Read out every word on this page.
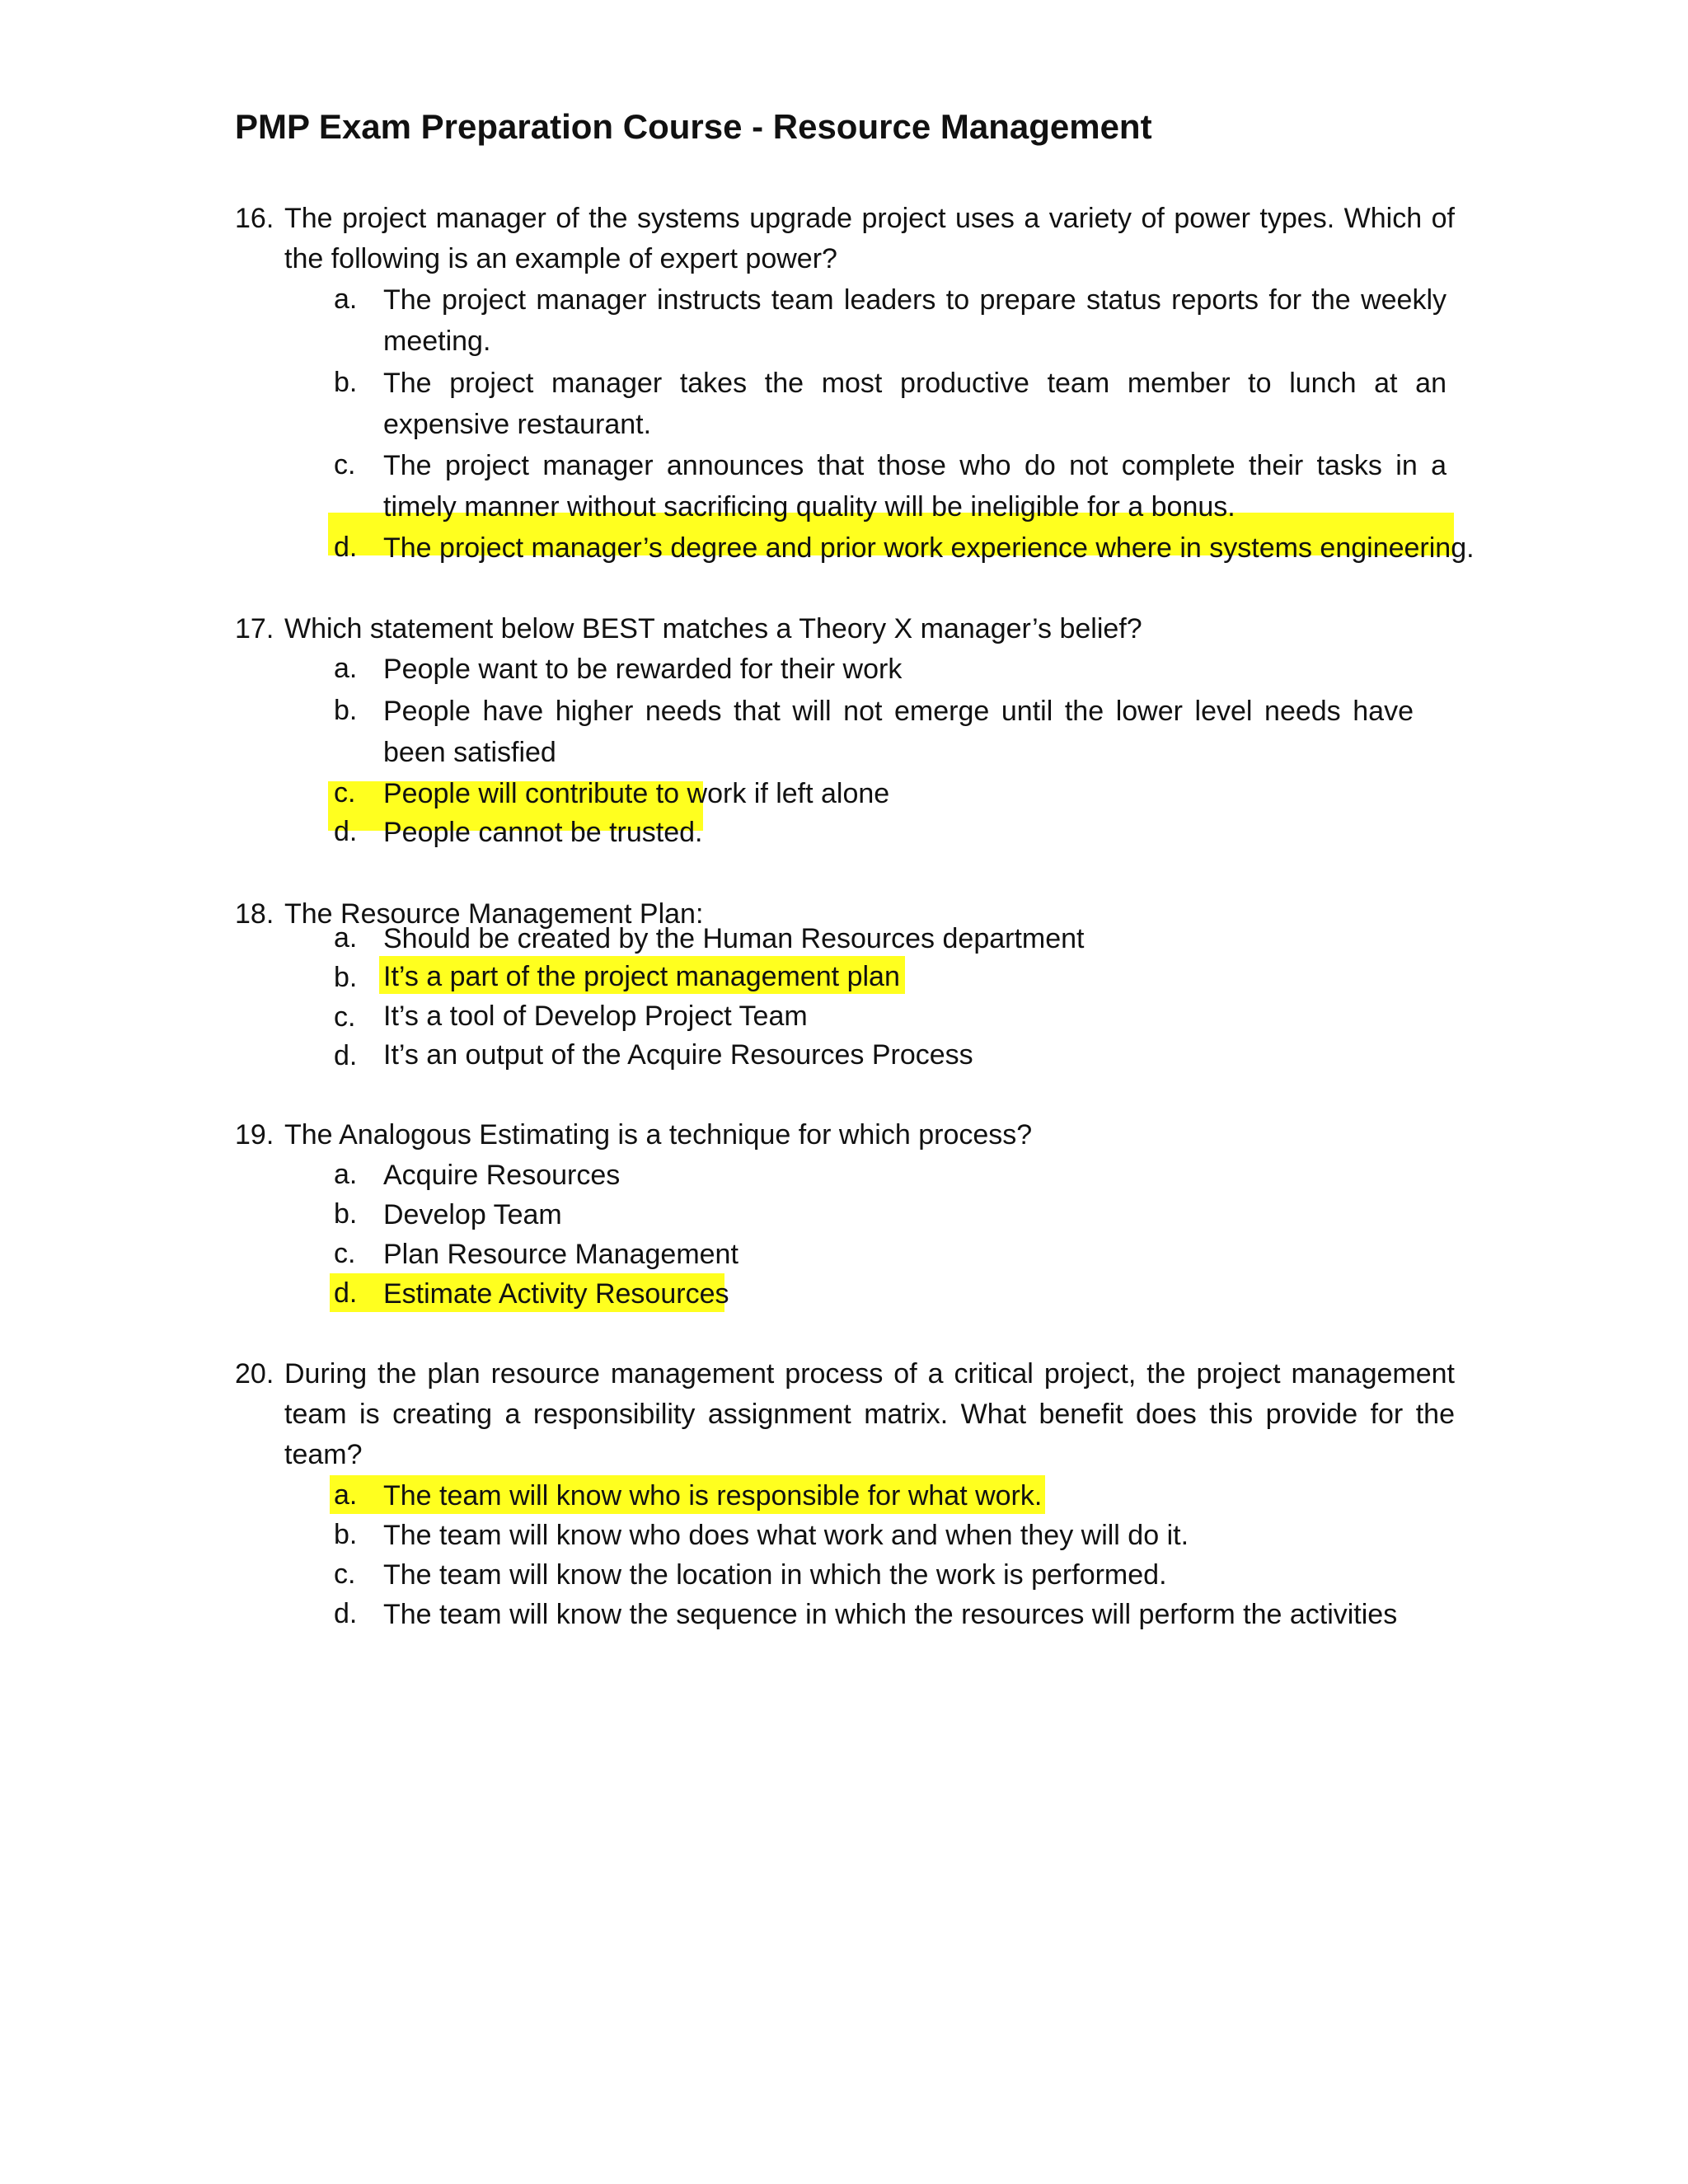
PMP Exam Preparation Course - Resource Management
16. The project manager of the systems upgrade project uses a variety of power types. Which of the following is an example of expert power?
a. The project manager instructs team leaders to prepare status reports for the weekly meeting.
b. The project manager takes the most productive team member to lunch at an expensive restaurant.
c. The project manager announces that those who do not complete their tasks in a timely manner without sacrificing quality will be ineligible for a bonus.
d. The project manager’s degree and prior work experience where in systems engineering.
17. Which statement below BEST matches a Theory X manager’s belief?
a. People want to be rewarded for their work
b. People have higher needs that will not emerge until the lower level needs have been satisfied
c. People will contribute to work if left alone
d. People cannot be trusted.
18. The Resource Management Plan:
a. Should be created by the Human Resources department
b. It’s a part of the project management plan
c. It’s a tool of Develop Project Team
d. It’s an output of the Acquire Resources Process
19. The Analogous Estimating is a technique for which process?
a. Acquire Resources
b. Develop Team
c. Plan Resource Management
d. Estimate Activity Resources
20. During the plan resource management process of a critical project, the project management team is creating a responsibility assignment matrix. What benefit does this provide for the team?
a. The team will know who is responsible for what work.
b. The team will know who does what work and when they will do it.
c. The team will know the location in which the work is performed.
d. The team will know the sequence in which the resources will perform the activities
